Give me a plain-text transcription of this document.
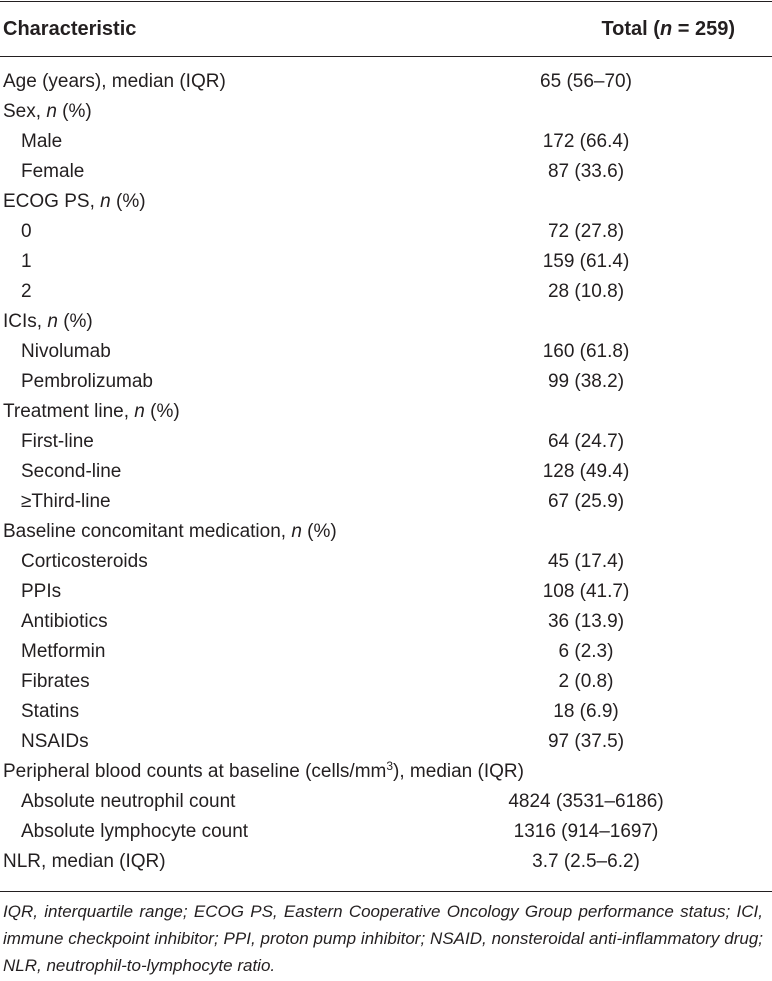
Characteristic	Total (n = 259)
Age (years), median (IQR)	65 (56–70)
Sex, n (%)
Male	172 (66.4)
Female	87 (33.6)
ECOG PS, n (%)
0	72 (27.8)
1	159 (61.4)
2	28 (10.8)
ICIs, n (%)
Nivolumab	160 (61.8)
Pembrolizumab	99 (38.2)
Treatment line, n (%)
First-line	64 (24.7)
Second-line	128 (49.4)
≥Third-line	67 (25.9)
Baseline concomitant medication, n (%)
Corticosteroids	45 (17.4)
PPIs	108 (41.7)
Antibiotics	36 (13.9)
Metformin	6 (2.3)
Fibrates	2 (0.8)
Statins	18 (6.9)
NSAIDs	97 (37.5)
Peripheral blood counts at baseline $(cells/mm^3)$, median (IQR)
Absolute neutrophil count	4824 (3531–6186)
Absolute lymphocyte count	1316 (914–1697)
NLR, median (IQR)	3.7 (2.5–6.2)
IQR, interquartile range; ECOG PS, Eastern Cooperative Oncology Group performance status; ICI, immune checkpoint inhibitor; PPI, proton pump inhibitor; NSAID, nonsteroidal anti-inflammatory drug; NLR, neutrophil-to-lymphocyte ratio.
